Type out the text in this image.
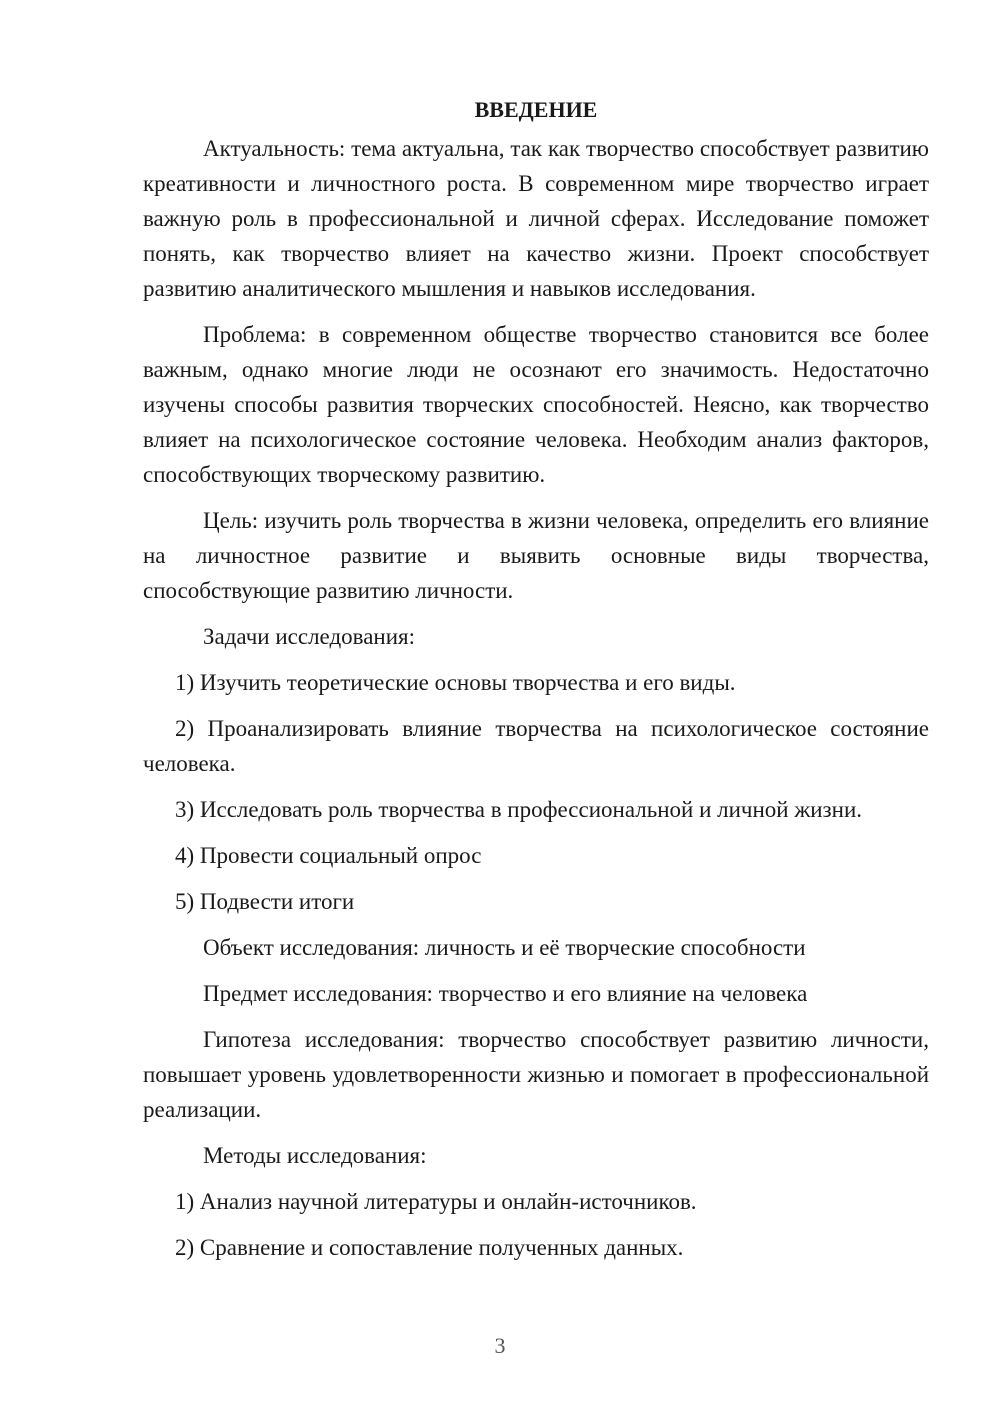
ВВЕДЕНИЕ

Актуальность: тема актуальна, так как творчество способствует развитию креативности и личностного роста. В современном мире творчество играет важную роль в профессиональной и личной сферах. Исследование поможет понять, как творчество влияет на качество жизни. Проект способствует развитию аналитического мышления и навыков исследования.

Проблема: в современном обществе творчество становится все более важным, однако многие люди не осознают его значимость. Недостаточно изучены способы развития творческих способностей. Неясно, как творчество влияет на психологическое состояние человека. Необходим анализ факторов, способствующих творческому развитию.

Цель: изучить роль творчества в жизни человека, определить его влияние на личностное развитие и выявить основные виды творчества, способствующие развитию личности.

Задачи исследования:

1) Изучить теоретические основы творчества и его виды.

2) Проанализировать влияние творчества на психологическое состояние человека.

3) Исследовать роль творчества в профессиональной и личной жизни.

4) Провести социальный опрос

5) Подвести итоги

Объект исследования: личность и её творческие способности

Предмет исследования: творчество и его влияние на человека

Гипотеза исследования: творчество способствует развитию личности, повышает уровень удовлетворенности жизнью и помогает в профессиональной реализации.

Методы исследования:

1) Анализ научной литературы и онлайн-источников.

2) Сравнение и сопоставление полученных данных.

3
